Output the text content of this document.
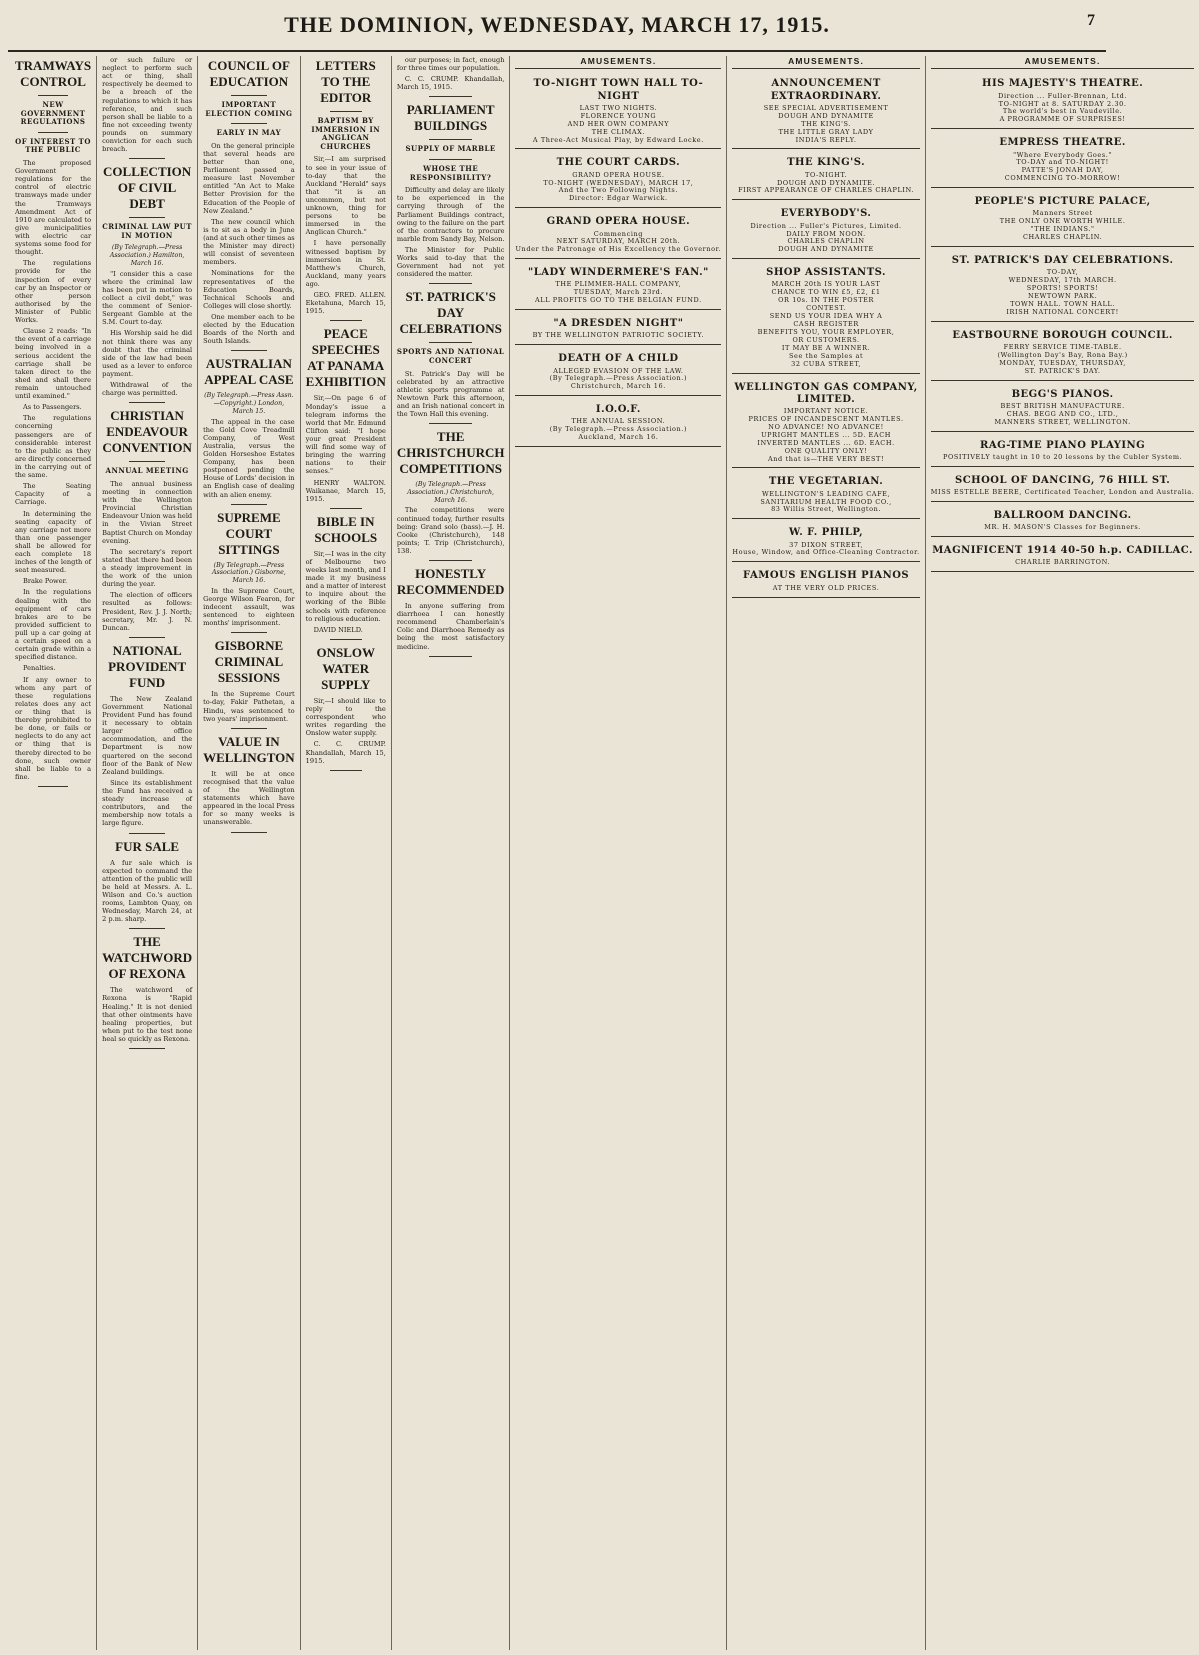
THE DOMINION, WEDNESDAY, MARCH 17, 1915.	7
TRAMWAYS CONTROL
NEW GOVERNMENT REGULATIONS
OF INTEREST TO THE PUBLIC

The proposed Government regulations for the control of electric tramways made under the Tramways Amendment Act of 1910 are calculated to give municipalities with electric car systems some food for thought.

The regulations provide for the inspection of every car by an Inspector or other person authorised by the Minister of Public Works.

Clause 2 reads: "In the event of a carriage being involved in a serious accident the carriage shall be taken direct to the shed and shall there remain untouched until examined."

As to Passengers.

The regulations concerning passengers are of considerable interest to the public as they are directly concerned in the carrying out of the same.

The Seating Capacity of a Carriage.

In determining the seating capacity of any carriage not more than one passenger shall be allowed for each complete 18 inches of the length of seat measured.

Brake Power.

In the regulations dealing with the equipment of cars brakes are to be provided sufficient to pull up a car going at a certain speed on a certain grade within a specified distance.

Penalties.

If any owner to whom any part of these regulations relates does any act or thing that is thereby prohibited to be done, or fails or neglects to do any act or thing that is thereby directed to be done, such owner shall be liable to a fine.

or such failure or neglect to perform such act or thing, shall respectively be deemed to be a breach of the regulations to which it has reference, and such person shall be liable to a fine not exceeding twenty pounds on summary conviction for each such breach.

COLLECTION OF CIVIL DEBT
CRIMINAL LAW PUT IN MOTION
(By Telegraph.—Press Association.) Hamilton, March 16.

"I consider this a case where the criminal law has been put in motion to collect a civil debt," was the comment of Senior-Sergeant Gamble at the S.M. Court to-day.

His Worship said he did not think there was any doubt that the criminal side of the law had been used as a lever to enforce payment.

Withdrawal of the charge was permitted.

CHRISTIAN ENDEAVOUR CONVENTION
ANNUAL MEETING

The annual business meeting in connection with the Wellington Provincial Christian Endeavour Union was held in the Vivian Street Baptist Church on Monday evening.

The secretary's report stated that there had been a steady improvement in the work of the union during the year.

The election of officers resulted as follows: President, Rev. J. J. North; secretary, Mr. J. N. Duncan.

NATIONAL PROVIDENT FUND

The New Zealand Government National Provident Fund has found it necessary to obtain larger office accommodation, and the Department is now quartered on the second floor of the Bank of New Zealand buildings.

Since its establishment the Fund has received a steady increase of contributors, and the membership now totals a large figure.

FUR SALE

A fur sale which is expected to command the attention of the public will be held at Messrs. A. L. Wilson and Co.'s auction rooms, Lambton Quay, on Wednesday, March 24, at 2 p.m. sharp.

THE WATCHWORD OF REXONA

The watchword of Rexona is "Rapid Healing." It is not denied that other ointments have healing properties, but when put to the test none heal so quickly as Rexona.

COUNCIL OF EDUCATION
IMPORTANT ELECTION COMING
EARLY IN MAY

On the general principle that several heads are better than one, Parliament passed a measure last November entitled "An Act to Make Better Provision for the Education of the People of New Zealand."

The new council which is to sit as a body in June (and at such other times as the Minister may direct) will consist of seventeen members.

Nominations for the representatives of the Education Boards, Technical Schools and Colleges will close shortly.

One member each to be elected by the Education Boards of the North and South Islands.

AUSTRALIAN APPEAL CASE
(By Telegraph.—Press Assn.—Copyright.) London, March 15.

The appeal in the case the Gold Cove Treadmill Company, of West Australia, versus the Golden Horseshoe Estates Company, has been postponed pending the House of Lords' decision in an English case of dealing with an alien enemy.

SUPREME COURT SITTINGS
(By Telegraph.—Press Association.) Gisborne, March 16.

In the Supreme Court, George Wilson Fearon, for indecent assault, was sentenced to eighteen months' imprisonment.

GISBORNE CRIMINAL SESSIONS

In the Supreme Court to-day, Fakir Pathetan, a Hindu, was sentenced to two years' imprisonment.

VALUE IN WELLINGTON

It will be at once recognised that the value of the Wellington statements which have appeared in the local Press for so many weeks is unanswerable.

LETTERS TO THE EDITOR
BAPTISM BY IMMERSION IN ANGLICAN CHURCHES

Sir,—I am surprised to see in your issue of to-day that the Auckland "Herald" says that "it is an uncommon, but not unknown, thing for persons to be immersed in the Anglican Church."

I have personally witnessed baptism by immersion in St. Matthew's Church, Auckland, many years ago.

GEO. FRED. ALLEN. Eketahuna, March 15, 1915.

PEACE SPEECHES AT PANAMA EXHIBITION

Sir,—On page 6 of Monday's issue a telegram informs the world that Mr. Edmund Clifton said: "I hope your great President will find some way of bringing the warring nations to their senses."

HENRY WALTON. Waikanae, March 15, 1915.

BIBLE IN SCHOOLS

Sir,—I was in the city of Melbourne two weeks last month, and I made it my business and a matter of interest to inquire about the working of the Bible schools with reference to religious education.

DAVID NIELD.

ONSLOW WATER SUPPLY

Sir,—I should like to reply to the correspondent who writes regarding the Onslow water supply.

C. C. CRUMP. Khandallah, March 15, 1915.

our purposes; in fact, enough for three times our population.

C. C. CRUMP. Khandallah, March 15, 1915.

PARLIAMENT BUILDINGS
SUPPLY OF MARBLE
WHOSE THE RESPONSIBILITY?

Difficulty and delay are likely to be experienced in the carrying through of the Parliament Buildings contract, owing to the failure on the part of the contractors to procure marble from Sandy Bay, Nelson.

The Minister for Public Works said to-day that the Government had not yet considered the matter.

ST. PATRICK'S DAY CELEBRATIONS
SPORTS AND NATIONAL CONCERT

St. Patrick's Day will be celebrated by an attractive athletic sports programme at Newtown Park this afternoon, and an Irish national concert in the Town Hall this evening.

THE CHRISTCHURCH COMPETITIONS
(By Telegraph.—Press Association.) Christchurch, March 16.

The competitions were continued today, further results being: Grand solo (bass).—J. H. Cooke (Christchurch), 148 points; T. Trip (Christchurch), 138.

HONESTLY RECOMMENDED

In anyone suffering from diarrhoea I can honestly recommend Chamberlain's Colic and Diarrhoea Remedy as being the most satisfactory medicine.

AMUSEMENTS.
TO-NIGHT TOWN HALL TO-NIGHT
LAST TWO NIGHTS.
FLORENCE YOUNG
AND HER OWN COMPANY
THE CLIMAX.
A Three-Act Musical Play, by Edward Locke.
THE COURT CARDS.
GRAND OPERA HOUSE.
TO-NIGHT (WEDNESDAY), MARCH 17,
And the Two Following Nights.
Director: Edgar Warwick.
GRAND OPERA HOUSE.
Commencing
NEXT SATURDAY, MARCH 20th.
Under the Patronage of His Excellency the Governor.
"LADY WINDERMERE'S FAN."
THE PLIMMER-HALL COMPANY,
TUESDAY, March 23rd.
ALL PROFITS GO TO THE BELGIAN FUND.
"A DRESDEN NIGHT"
BY THE WELLINGTON PATRIOTIC SOCIETY.
DEATH OF A CHILD
ALLEGED EVASION OF THE LAW.
(By Telegraph.—Press Association.)
Christchurch, March 16.
I.O.O.F.
THE ANNUAL SESSION.
(By Telegraph.—Press Association.)
Auckland, March 16.
AMUSEMENTS.
ANNOUNCEMENT EXTRAORDINARY.
SEE SPECIAL ADVERTISEMENT
DOUGH AND DYNAMITE
THE KING'S.
THE LITTLE GRAY LADY
INDIA'S REPLY.
THE KING'S.
TO-NIGHT.
DOUGH AND DYNAMITE.
FIRST APPEARANCE OF CHARLES CHAPLIN.
EVERYBODY'S.
Direction ... Fuller's Pictures, Limited.
DAILY FROM NOON.
CHARLES CHAPLIN
DOUGH AND DYNAMITE
SHOP ASSISTANTS.
MARCH 20th IS YOUR LAST
CHANCE TO WIN £5, £2, £1
OR 10s. IN THE POSTER
CONTEST.
SEND US YOUR IDEA WHY A
CASH REGISTER
BENEFITS YOU, YOUR EMPLOYER,
OR CUSTOMERS.
IT MAY BE A WINNER.
See the Samples at
32 CUBA STREET,
WELLINGTON GAS COMPANY, LIMITED.
IMPORTANT NOTICE.
PRICES OF INCANDESCENT MANTLES.
NO ADVANCE! NO ADVANCE!
UPRIGHT MANTLES ... 5D. EACH
INVERTED MANTLES ... 6D. EACH.
ONE QUALITY ONLY!
And that is—THE VERY BEST!
THE VEGETARIAN.
WELLINGTON'S LEADING CAFE,
SANITARIUM HEALTH FOOD CO.,
83 Willis Street, Wellington.
W. F. PHILP,
37 DIXON STREET,
House, Window, and Office-Cleaning Contractor.
FAMOUS ENGLISH PIANOS
AT THE VERY OLD PRICES.
AMUSEMENTS.
HIS MAJESTY'S THEATRE.
Direction ... Fuller-Brennan, Ltd.
TO-NIGHT at 8. SATURDAY 2.30.
The world's best in Vaudeville.
A PROGRAMME OF SURPRISES!
EMPRESS THEATRE.
"Where Everybody Goes."
TO-DAY and TO-NIGHT!
PATTE'S JONAH DAY,
COMMENCING TO-MORROW!
PEOPLE'S PICTURE PALACE,
Manners Street
THE ONLY ONE WORTH WHILE.
"THE INDIANS."
CHARLES CHAPLIN.
ST. PATRICK'S DAY CELEBRATIONS.
TO-DAY,
WEDNESDAY, 17th MARCH.
SPORTS! SPORTS!
NEWTOWN PARK.
TOWN HALL. TOWN HALL.
IRISH NATIONAL CONCERT!
EASTBOURNE BOROUGH COUNCIL.
FERRY SERVICE TIME-TABLE.
(Wellington Day's Bay, Rona Bay.)
MONDAY, TUESDAY, THURSDAY,
ST. PATRICK'S DAY.
BEGG'S PIANOS.
BEST BRITISH MANUFACTURE.
CHAS. BEGG AND CO., LTD.,
MANNERS STREET, WELLINGTON.
RAG-TIME PIANO PLAYING
POSITIVELY taught in 10 to 20 lessons by the Cubler System.
SCHOOL OF DANCING, 76 HILL ST.
MISS ESTELLE BEERE, Certificated Teacher, London and Australia.
BALLROOM DANCING.
MR. H. MASON'S Classes for Beginners.
MAGNIFICENT 1914 40-50 h.p. CADILLAC.
CHARLIE BARRINGTON.
